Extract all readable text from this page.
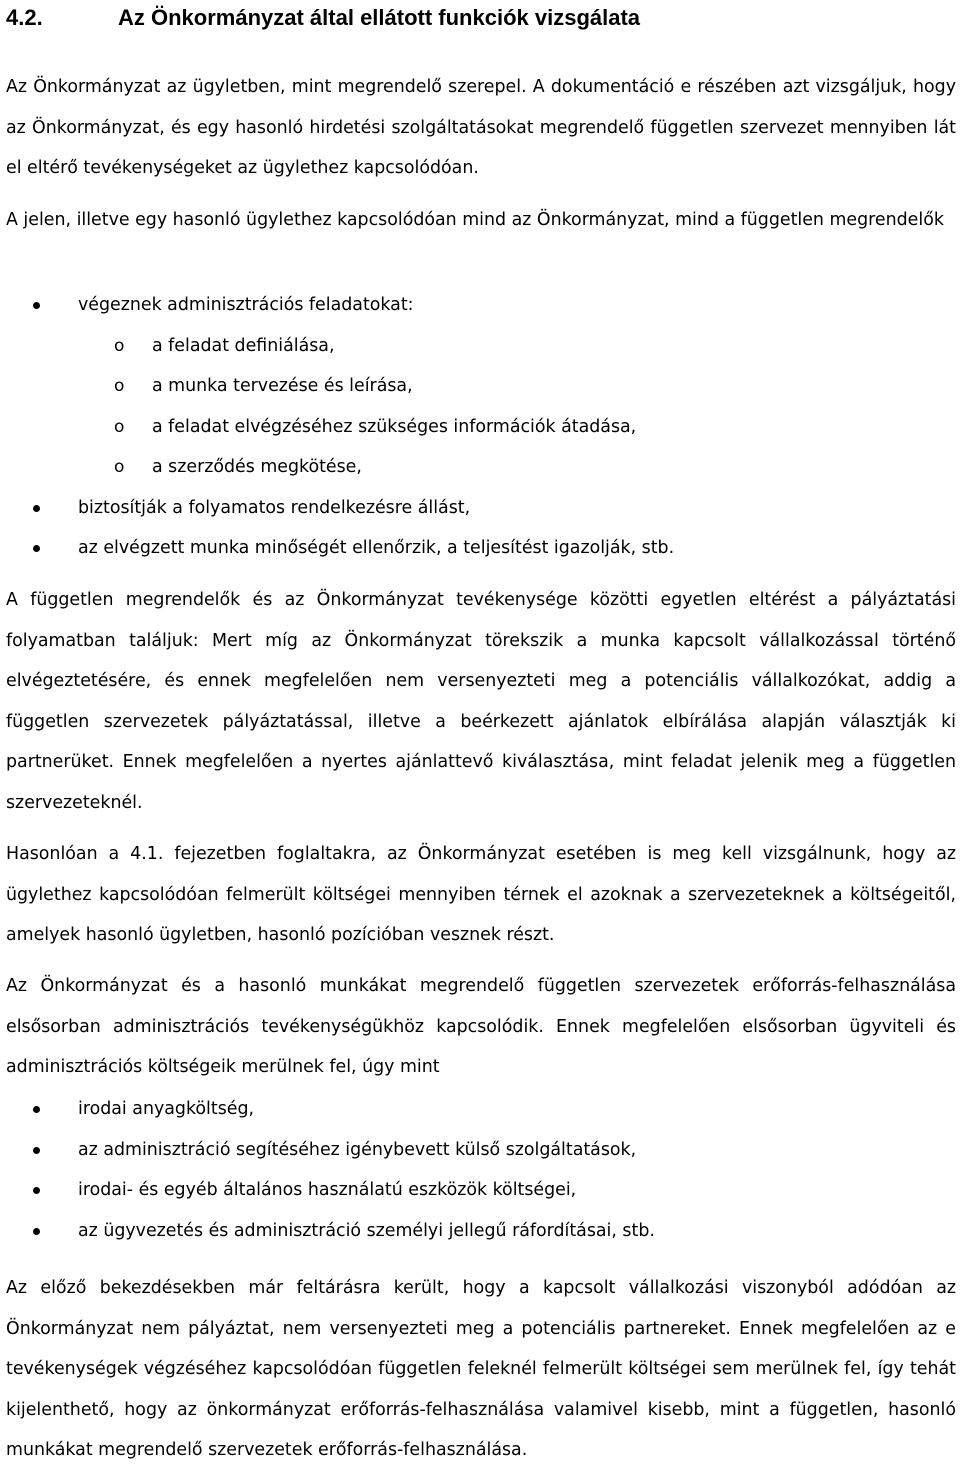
4.2.	Az Önkormányzat által ellátott funkciók vizsgálata
Az Önkormányzat az ügyletben, mint megrendelő szerepel. A dokumentáció e részében azt vizsgáljuk, hogy az Önkormányzat, és egy hasonló hirdetési szolgáltatásokat megrendelő független szervezet mennyiben lát el eltérő tevékenységeket az ügylethez kapcsolódóan.
A jelen, illetve egy hasonló ügylethez kapcsolódóan mind az Önkormányzat, mind a független megrendelők
végeznek adminisztrációs feladatokat:
o a feladat definiálása,
o a munka tervezése és leírása,
o a feladat elvégzéséhez szükséges információk átadása,
o a szerződés megkötése,
biztosítják a folyamatos rendelkezésre állást,
az elvégzett munka minőségét ellenőrzik, a teljesítést igazolják, stb.
A független megrendelők és az Önkormányzat tevékenysége közötti egyetlen eltérést a pályáztatási folyamatban találjuk: Mert míg az Önkormányzat törekszik a munka kapcsolt vállalkozással történő elvégeztetésére, és ennek megfelelően nem versenyezteti meg a potenciális vállalkozókat, addig a független szervezetek pályáztatással, illetve a beérkezett ajánlatok elbírálása alapján választják ki partnerüket. Ennek megfelelően a nyertes ajánlattevő kiválasztása, mint feladat jelenik meg a független szervezeteknél.
Hasonlóan a 4.1. fejezetben foglaltakra, az Önkormányzat esetében is meg kell vizsgálnunk, hogy az ügylethez kapcsolódóan felmerült költségei mennyiben térnek el azoknak a szervezeteknek a költségeitől, amelyek hasonló ügyletben, hasonló pozícióban vesznek részt.
Az Önkormányzat és a hasonló munkákat megrendelő független szervezetek erőforrás-felhasználása elsősorban adminisztrációs tevékenységükhöz kapcsolódik. Ennek megfelelően elsősorban ügyviteli és adminisztrációs költségeik merülnek fel, úgy mint
irodai anyagköltség,
az adminisztráció segítéséhez igénybevett külső szolgáltatások,
irodai- és egyéb általános használatú eszközök költségei,
az ügyvezetés és adminisztráció személyi jellegű ráfordításai, stb.
Az előző bekezdésekben már feltárásra került, hogy a kapcsolt vállalkozási viszonyból adódóan az Önkormányzat nem pályáztat, nem versenyezteti meg a potenciális partnereket. Ennek megfelelően az e tevékenységek végzéséhez kapcsolódóan független feleknél felmerült költségei sem merülnek fel, így tehát kijelenthető, hogy az önkormányzat erőforrás-felhasználása valamivel kisebb, mint a független, hasonló munkákat megrendelő szervezetek erőforrás-felhasználása.
